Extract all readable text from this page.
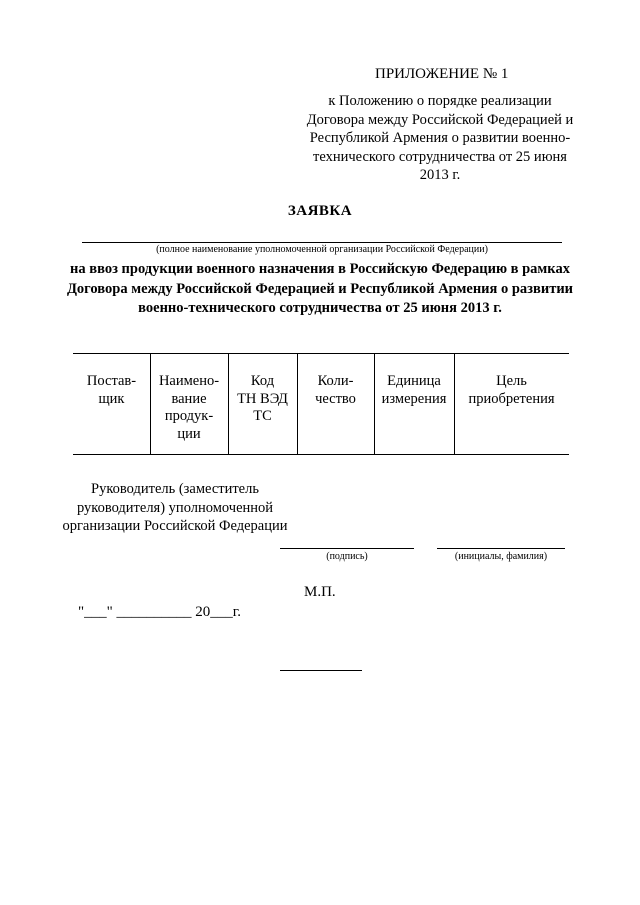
ПРИЛОЖЕНИЕ № 1
к Положению о порядке реализации Договора между Российской Федерацией и Республикой Армения о развитии военно-технического сотрудничества от 25 июня 2013 г.
ЗАЯВКА
(полное наименование уполномоченной организации Российской Федерации)
на ввоз продукции военного назначения в Российскую Федерацию в рамках Договора между Российской Федерацией и Республикой Армения о развитии военно-технического сотрудничества от 25 июня 2013 г.
Постав-
щик
Наимено-
вание
продук-
ции
Код
ТН ВЭД
ТС
Коли-
чество
Единица
измерения
Цель
приобретения
Руководитель (заместитель руководителя) уполномоченной организации Российской Федерации
(подпись)	(инициалы, фамилия)
М.П.
"___" __________ 20___г.
